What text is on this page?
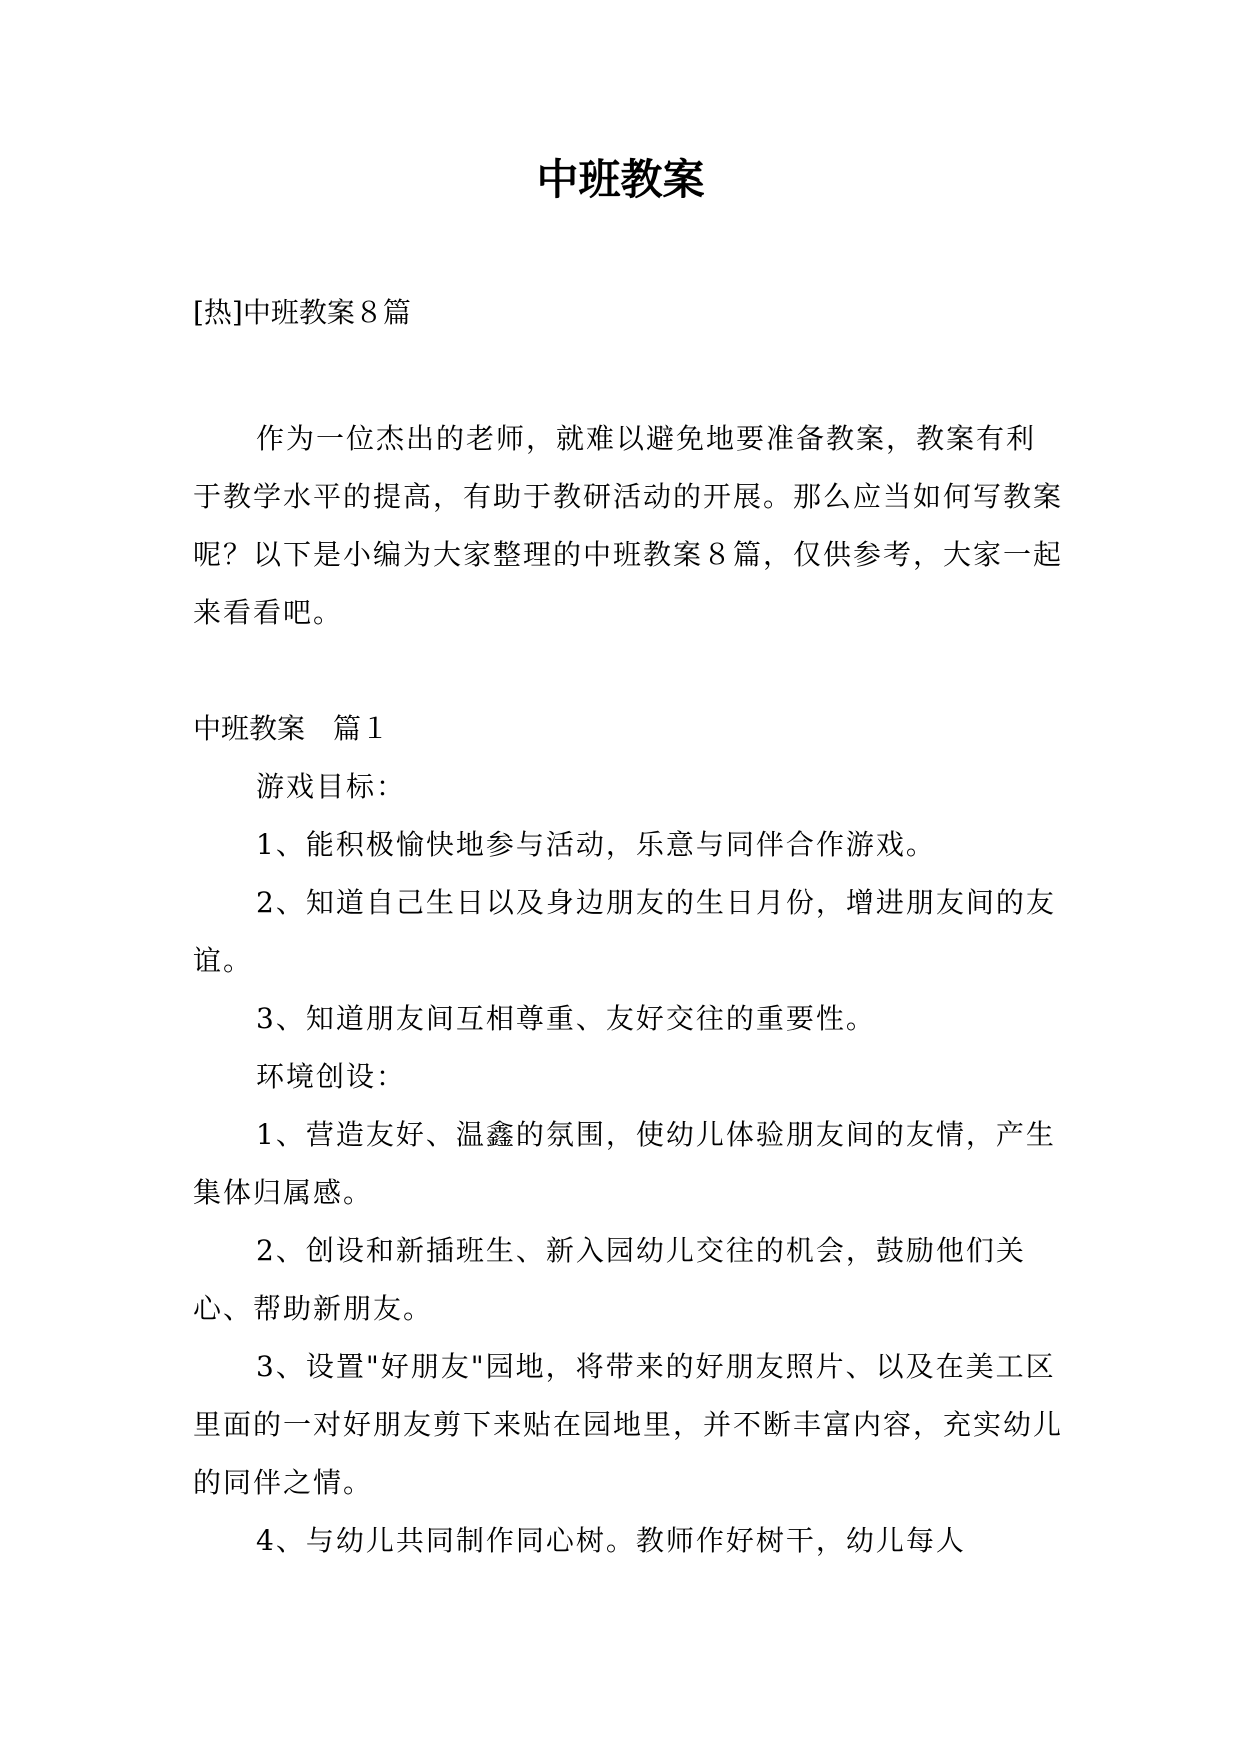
中班教案

[热]中班教案８篇

作为一位杰出的老师，就难以避免地要准备教案，教案有利于教学水平的提高，有助于教研活动的开展。那么应当如何写教案呢？以下是小编为大家整理的中班教案８篇，仅供参考，大家一起来看看吧。

中班教案　篇１

游戏目标：

1、能积极愉快地参与活动，乐意与同伴合作游戏。

2、知道自己生日以及身边朋友的生日月份，增进朋友间的友谊。

3、知道朋友间互相尊重、友好交往的重要性。

环境创设：

1、营造友好、温鑫的氛围，使幼儿体验朋友间的友情，产生集体归属感。

2、创设和新插班生、新入园幼儿交往的机会，鼓励他们关心、帮助新朋友。

3、设置"好朋友"园地，将带来的好朋友照片、以及在美工区里面的一对好朋友剪下来贴在园地里，并不断丰富内容，充实幼儿的同伴之情。

4、与幼儿共同制作同心树。教师作好树干，幼儿每人
